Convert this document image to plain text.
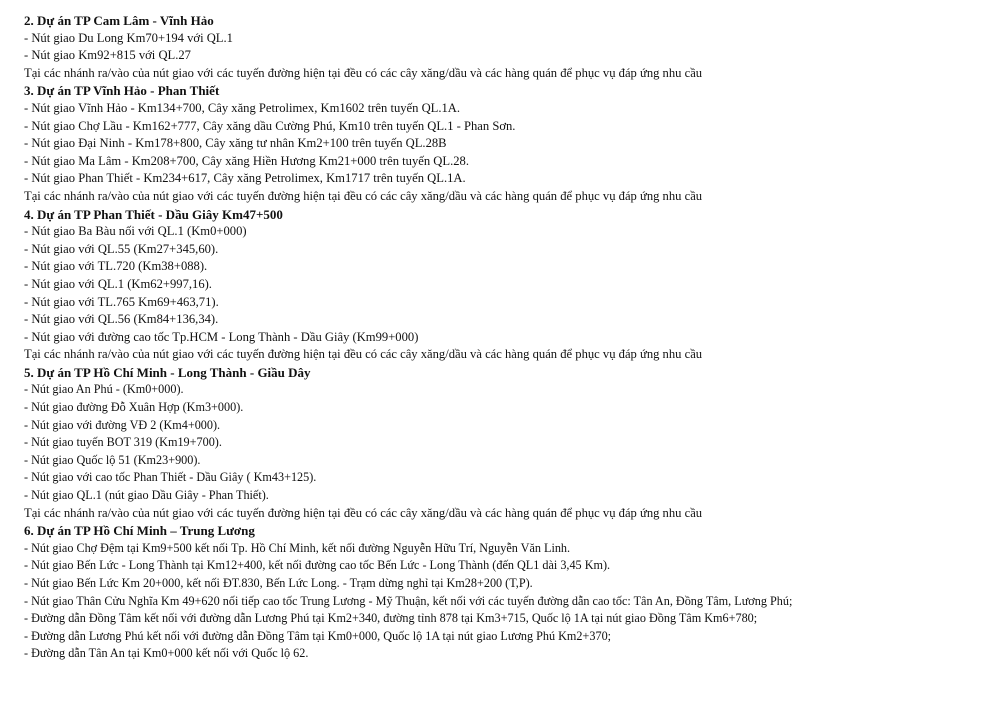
2. Dự án TP Cam Lâm - Vĩnh Hảo
- Nút giao Du Long Km70+194 với QL.1
- Nút giao Km92+815 với QL.27
Tại các nhánh ra/vào của nút giao với các tuyến đường hiện tại đều có các cây xăng/dầu và các hàng quán để phục vụ đáp ứng nhu cầu
3. Dự án TP Vĩnh Hảo - Phan Thiết
- Nút giao Vĩnh Hảo - Km134+700, Cây xăng Petrolimex, Km1602 trên tuyến QL.1A.
- Nút giao Chợ Lầu - Km162+777, Cây xăng dầu Cường Phú, Km10 trên tuyến QL.1 - Phan Sơn.
- Nút giao Đại Ninh - Km178+800, Cây xăng tư nhân Km2+100 trên tuyến QL.28B
- Nút giao Ma Lâm - Km208+700, Cây xăng Hiền Hương Km21+000 trên tuyến QL.28.
- Nút giao Phan Thiết - Km234+617, Cây xăng Petrolimex, Km1717 trên tuyến QL.1A.
Tại các nhánh ra/vào của nút giao với các tuyến đường hiện tại đều có các cây xăng/dầu và các hàng quán để phục vụ đáp ứng nhu cầu
4. Dự án TP Phan Thiết - Dầu Giây Km47+500
- Nút giao Ba Bàu nối với QL.1 (Km0+000)
- Nút giao với QL.55 (Km27+345,60).
- Nút giao với TL.720 (Km38+088).
- Nút giao với QL.1 (Km62+997,16).
- Nút giao với TL.765 Km69+463,71).
- Nút giao với QL.56 (Km84+136,34).
- Nút giao với đường cao tốc Tp.HCM - Long Thành - Dầu Giây (Km99+000)
Tại các nhánh ra/vào của nút giao với các tuyến đường hiện tại đều có các cây xăng/dầu và các hàng quán để phục vụ đáp ứng nhu cầu
5. Dự án TP Hồ Chí Minh - Long Thành - Giầu Dây
- Nút giao An Phú - (Km0+000).
- Nút giao đường Đỗ Xuân Hợp (Km3+000).
- Nút giao với đường VĐ 2 (Km4+000).
- Nút giao tuyến BOT 319 (Km19+700).
- Nút giao Quốc lộ 51 (Km23+900).
- Nút giao với cao tốc Phan Thiết - Dầu Giây ( Km43+125).
- Nút giao QL.1 (nút giao Dầu Giây - Phan Thiết).
Tại các nhánh ra/vào của nút giao với các tuyến đường hiện tại đều có các cây xăng/dầu và các hàng quán để phục vụ đáp ứng nhu cầu
6. Dự án TP Hồ Chí Minh – Trung Lương
- Nút giao Chợ Đệm tại Km9+500 kết nối Tp. Hồ Chí Minh, kết nối đường Nguyễn Hữu Trí, Nguyễn Văn Linh.
- Nút giao Bến Lức - Long Thành tại Km12+400, kết nối đường cao tốc Bến Lức - Long Thành (đến QL1 dài 3,45 Km).
- Nút giao Bến Lức Km 20+000, kết nối ĐT.830, Bến Lức Long. - Trạm dừng nghỉ tại Km28+200 (T,P).
- Nút giao Thân Cửu Nghĩa Km 49+620 nối tiếp cao tốc Trung Lương - Mỹ Thuận, kết nối với các tuyến đường dẫn cao tốc: Tân An, Đồng Tâm, Lương Phú;
- Đường dẫn Đồng Tâm kết nối với đường dẫn Lương Phú tại Km2+340, đường tỉnh 878 tại Km3+715, Quốc lộ 1A tại nút giao Đồng Tâm Km6+780;
- Đường dẫn Lương Phú kết nối với đường dẫn Đồng Tâm tại Km0+000, Quốc lộ 1A tại nút giao Lương Phú Km2+370;
- Đường dẫn Tân An tại Km0+000 kết nối với Quốc lộ 62.
